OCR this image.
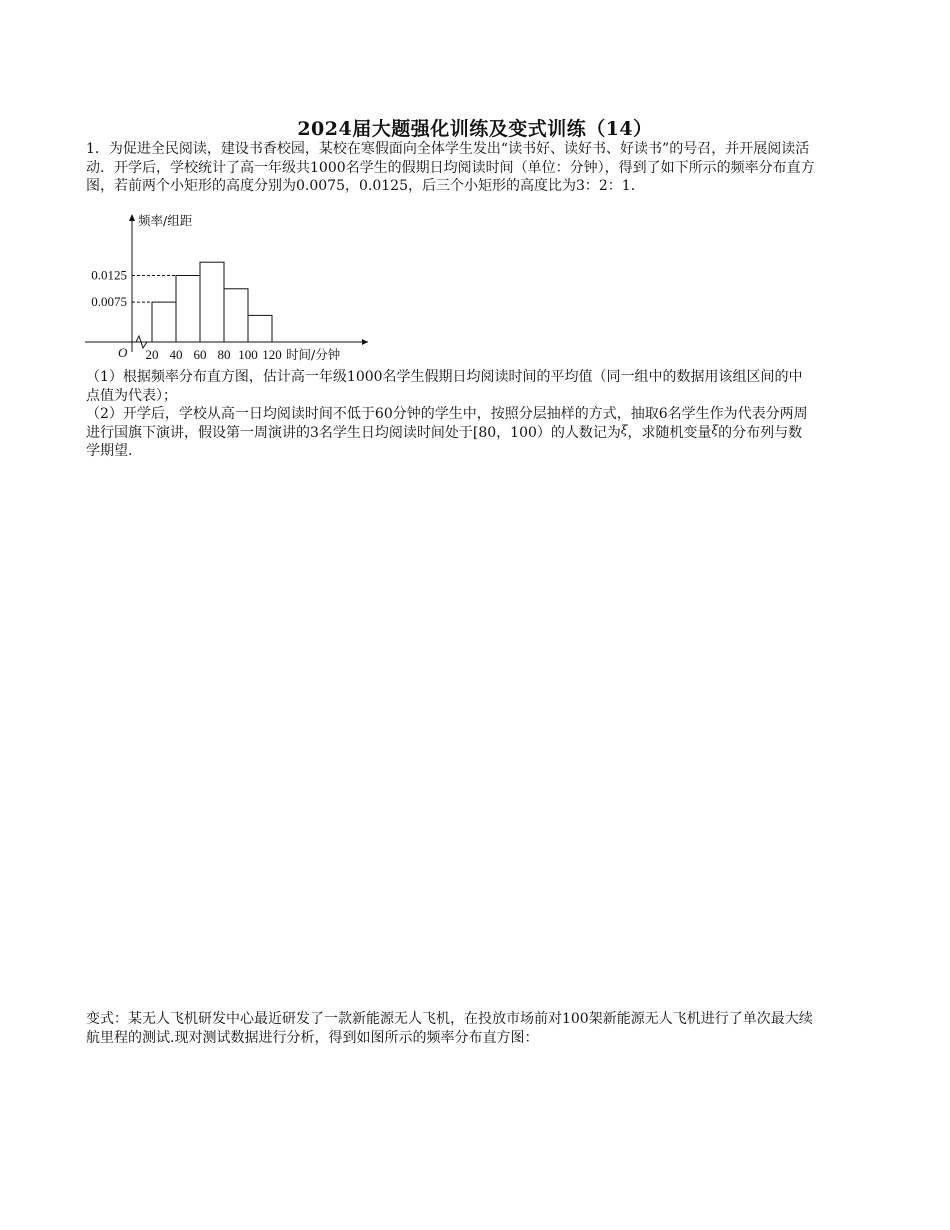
2024届大题强化训练及变式训练（14）
1．为促进全民阅读，建设书香校园，某校在寒假面向全体学生发出“读书好、读好书、好读书”的号召，并开展阅读活动．开学后，学校统计了高一年级共1000名学生的假期日均阅读时间（单位：分钟），得到了如下所示的频率分布直方图，若前两个小矩形的高度分别为0.0075，0.0125，后三个小矩形的高度比为3：2：1．
频率/组距
0.0075
0.0125
O 20 40 60 80 100 120 时间/分钟
（1）根据频率分布直方图，估计高一年级1000名学生假期日均阅读时间的平均值（同一组中的数据用该组区间的中点值为代表）；
（2）开学后，学校从高一日均阅读时间不低于60分钟的学生中，按照分层抽样的方式，抽取6名学生作为代表分两周进行国旗下演讲，假设第一周演讲的3名学生日均阅读时间处于[80，100）的人数记为ξ，求随机变量ξ的分布列与数学期望.
变式：某无人飞机研发中心最近研发了一款新能源无人飞机，在投放市场前对100架新能源无人飞机进行了单次最大续航里程的测试.现对测试数据进行分析，得到如图所示的频率分布直方图：
